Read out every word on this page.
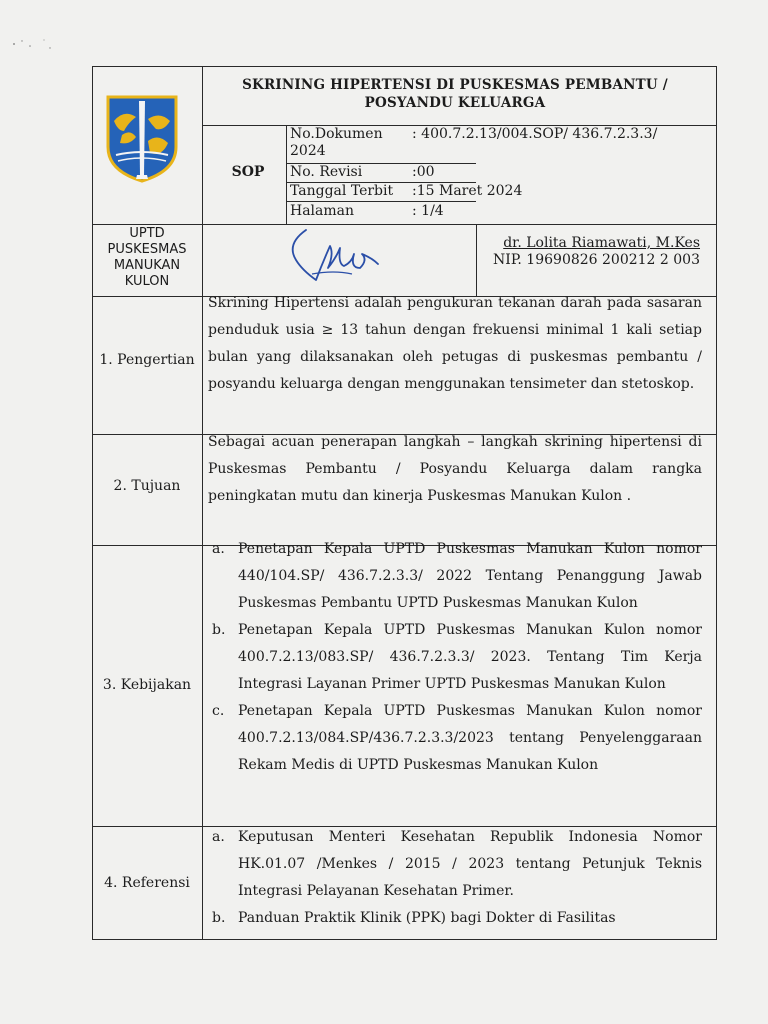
SKRINING HIPERTENSI DI PUSKESMAS PEMBANTU /
POSYANDU KELUARGA
SOP
No.Dokumen : 400.7.2.13/004.SOP/ 436.7.2.3.3/
2024
No. Revisi	:00
Tanggal Terbit :15 Maret 2024
Halaman	: 1/4
UPTD
PUSKESMAS
MANUKAN
KULON
dr. Lolita Riamawati, M.Kes
NIP. 19690826 200212 2 003
1. Pengertian
Skrining Hipertensi adalah pengukuran tekanan darah pada sasaran penduduk usia ≥ 13 tahun dengan frekuensi minimal 1 kali setiap bulan yang dilaksanakan oleh petugas di puskesmas pembantu / posyandu keluarga dengan menggunakan tensimeter dan stetoskop.
2. Tujuan
Sebagai acuan penerapan langkah – langkah skrining hipertensi di Puskesmas Pembantu / Posyandu Keluarga dalam rangka peningkatan mutu dan kinerja Puskesmas Manukan Kulon .
3. Kebijakan
a. Penetapan Kepala UPTD Puskesmas Manukan Kulon nomor 440/104.SP/ 436.7.2.3.3/ 2022 Tentang Penanggung Jawab Puskesmas Pembantu UPTD Puskesmas Manukan Kulon
b. Penetapan Kepala UPTD Puskesmas Manukan Kulon nomor 400.7.2.13/083.SP/ 436.7.2.3.3/ 2023. Tentang Tim Kerja Integrasi Layanan Primer UPTD Puskesmas Manukan Kulon
c. Penetapan Kepala UPTD Puskesmas Manukan Kulon nomor 400.7.2.13/084.SP/436.7.2.3.3/2023 tentang Penyelenggaraan Rekam Medis di UPTD Puskesmas Manukan Kulon
4. Referensi
a. Keputusan Menteri Kesehatan Republik Indonesia Nomor HK.01.07 /Menkes / 2015 / 2023 tentang Petunjuk Teknis Integrasi Pelayanan Kesehatan Primer.
b. Panduan Praktik Klinik (PPK) bagi Dokter di Fasilitas
